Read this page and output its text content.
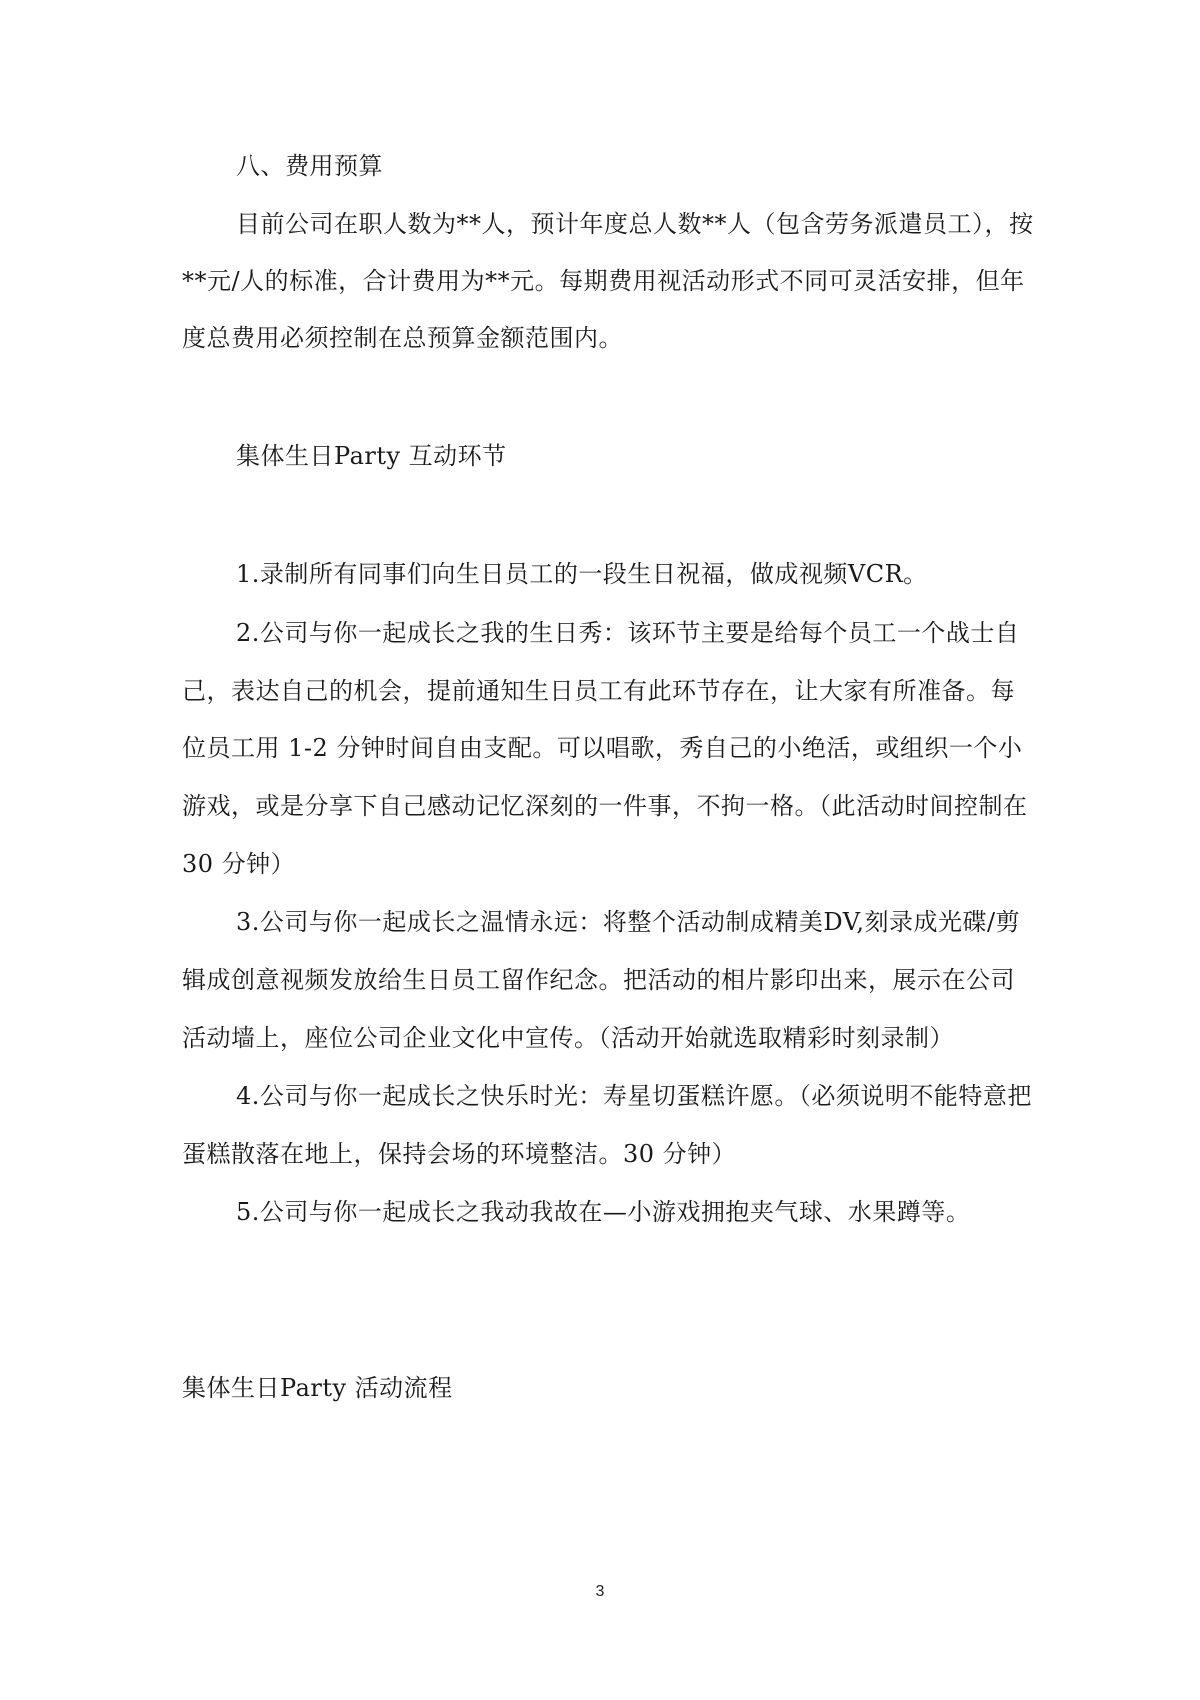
八、费用预算
目前公司在职人数为**人，预计年度总人数**人（包含劳务派遣员工），按
**元/人的标准，合计费用为**元。每期费用视活动形式不同可灵活安排，但年
度总费用必须控制在总预算金额范围内。
集体生日Party 互动环节
1.录制所有同事们向生日员工的一段生日祝福，做成视频VCR。
2.公司与你一起成长之我的生日秀：该环节主要是给每个员工一个战士自
己，表达自己的机会，提前通知生日员工有此环节存在，让大家有所准备。每
位员工用 1-2 分钟时间自由支配。可以唱歌，秀自己的小绝活，或组织一个小
游戏，或是分享下自己感动记忆深刻的一件事，不拘一格。（此活动时间控制在
30 分钟）
3.公司与你一起成长之温情永远：将整个活动制成精美DV,刻录成光碟/剪
辑成创意视频发放给生日员工留作纪念。把活动的相片影印出来，展示在公司
活动墙上，座位公司企业文化中宣传。（活动开始就选取精彩时刻录制）
4.公司与你一起成长之快乐时光：寿星切蛋糕许愿。（必须说明不能特意把
蛋糕散落在地上，保持会场的环境整洁。30 分钟）
5.公司与你一起成长之我动我故在—小游戏拥抱夹气球、水果蹲等。
集体生日Party 活动流程
3
